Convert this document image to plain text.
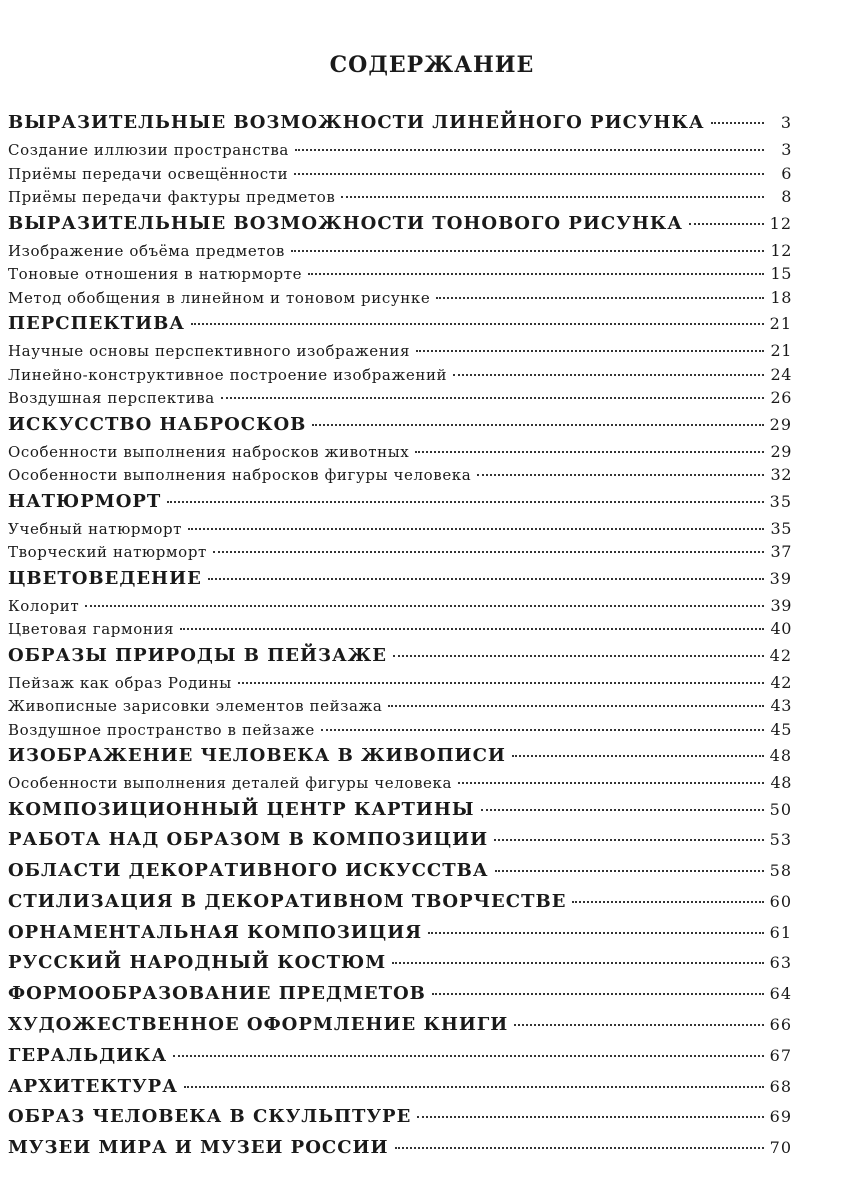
СОДЕРЖАНИЕ
ВЫРАЗИТЕЛЬНЫЕ ВОЗМОЖНОСТИ ЛИНЕЙНОГО РИСУНКА	3
Создание иллюзии пространства	3
Приёмы передачи освещённости	6
Приёмы передачи фактуры предметов	8
ВЫРАЗИТЕЛЬНЫЕ ВОЗМОЖНОСТИ ТОНОВОГО РИСУНКА	12
Изображение объёма предметов	12
Тоновые отношения в натюрморте	15
Метод обобщения в линейном и тоновом рисунке	18
ПЕРСПЕКТИВА	21
Научные основы перспективного изображения	21
Линейно-конструктивное построение изображений	24
Воздушная перспектива	26
ИСКУССТВО НАБРОСКОВ	29
Особенности выполнения набросков животных	29
Особенности выполнения набросков фигуры человека	32
НАТЮРМОРТ	35
Учебный натюрморт	35
Творческий натюрморт	37
ЦВЕТОВЕДЕНИЕ	39
Колорит	39
Цветовая гармония	40
ОБРАЗЫ ПРИРОДЫ В ПЕЙЗАЖЕ	42
Пейзаж как образ Родины	42
Живописные зарисовки элементов пейзажа	43
Воздушное пространство в пейзаже	45
ИЗОБРАЖЕНИЕ ЧЕЛОВЕКА В ЖИВОПИСИ	48
Особенности выполнения деталей фигуры человека	48
КОМПОЗИЦИОННЫЙ ЦЕНТР КАРТИНЫ	50
РАБОТА НАД ОБРАЗОМ В КОМПОЗИЦИИ	53
ОБЛАСТИ ДЕКОРАТИВНОГО ИСКУССТВА	58
СТИЛИЗАЦИЯ В ДЕКОРАТИВНОМ ТВОРЧЕСТВЕ	60
ОРНАМЕНТАЛЬНАЯ КОМПОЗИЦИЯ	61
РУССКИЙ НАРОДНЫЙ КОСТЮМ	63
ФОРМООБРАЗОВАНИЕ ПРЕДМЕТОВ	64
ХУДОЖЕСТВЕННОЕ ОФОРМЛЕНИЕ КНИГИ	66
ГЕРАЛЬДИКА	67
АРХИТЕКТУРА	68
ОБРАЗ ЧЕЛОВЕКА В СКУЛЬПТУРЕ	69
МУЗЕИ МИРА И МУЗЕИ РОССИИ	70
